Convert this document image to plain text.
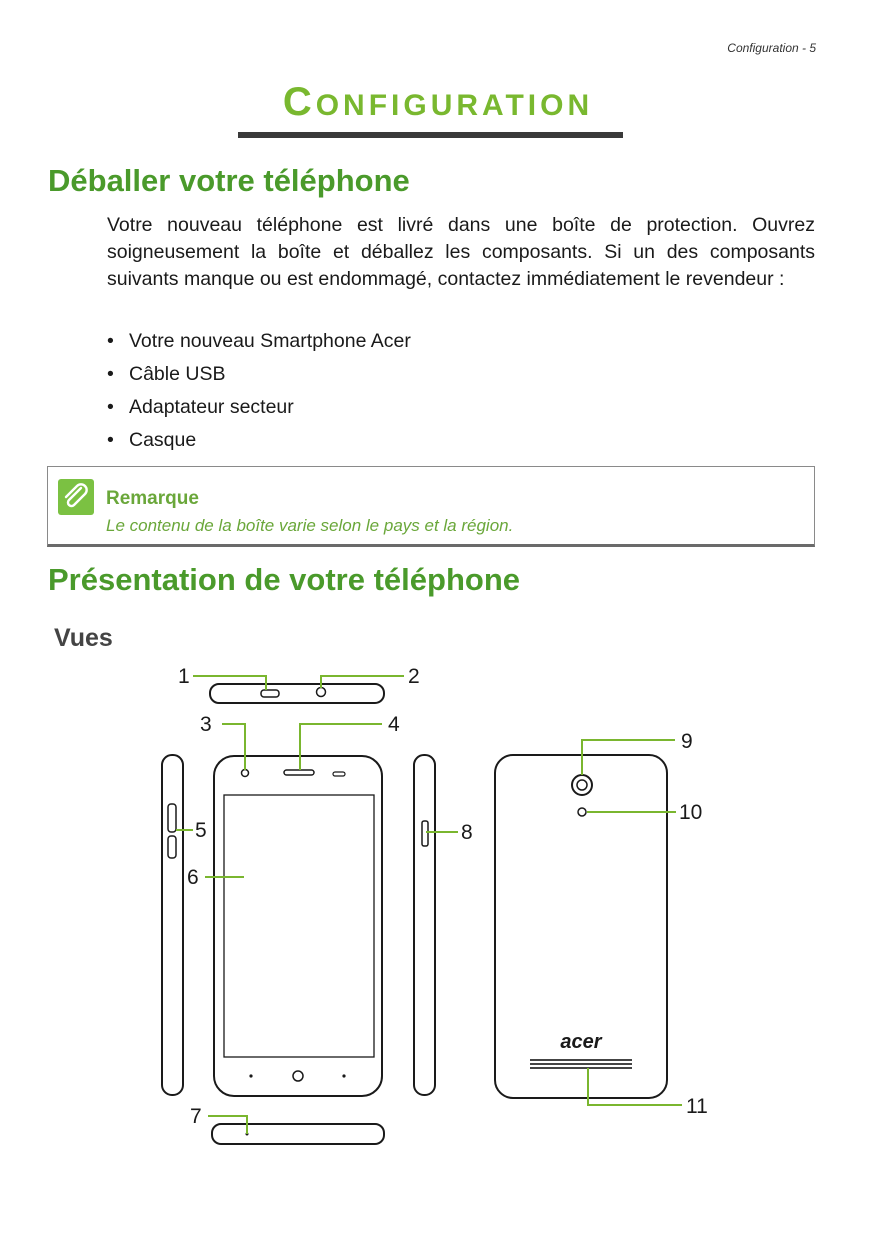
Configuration - 5
CONFIGURATION
Déballer votre téléphone

Votre nouveau téléphone est livré dans une boîte de protection. Ouvrez soigneusement la boîte et déballez les composants. Si un des composants suivants manque ou est endommagé, contactez immédiatement le revendeur :

• Votre nouveau Smartphone Acer
• Câble USB
• Adaptateur secteur
• Casque
Remarque
Le contenu de la boîte varie selon le pays et la région.
Présentation de votre téléphone
Vues
acer
1	2
3	4
5
6
7
8
9
10
11
